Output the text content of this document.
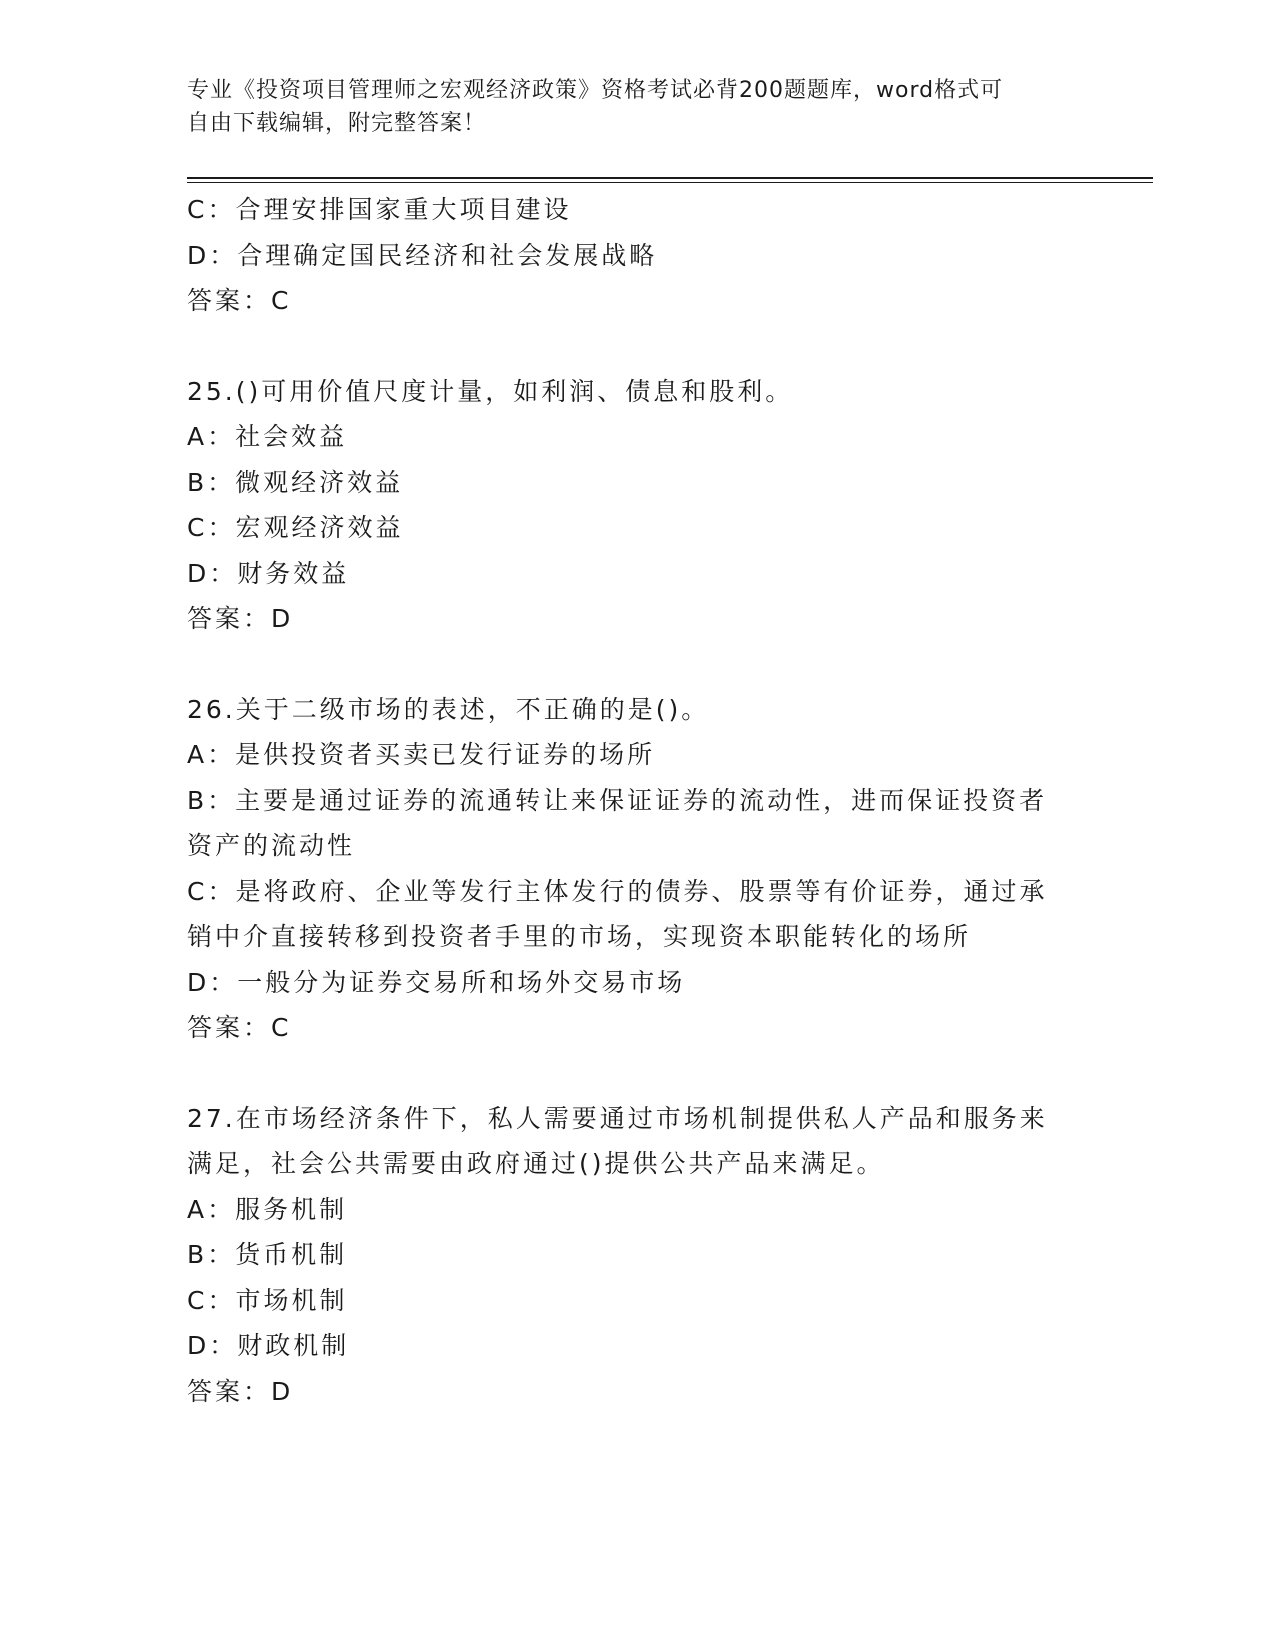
专业《投资项目管理师之宏观经济政策》资格考试必背200题题库，word格式可
自由下载编辑，附完整答案！
C：合理安排国家重大项目建设
D：合理确定国民经济和社会发展战略
答案：C
25.()可用价值尺度计量，如利润、债息和股利。
A：社会效益
B：微观经济效益
C：宏观经济效益
D：财务效益
答案：D
26.关于二级市场的表述，不正确的是()。
A：是供投资者买卖已发行证券的场所
B：主要是通过证券的流通转让来保证证券的流动性，进而保证投资者
资产的流动性
C：是将政府、企业等发行主体发行的债券、股票等有价证券，通过承
销中介直接转移到投资者手里的市场，实现资本职能转化的场所
D：一般分为证券交易所和场外交易市场
答案：C
27.在市场经济条件下，私人需要通过市场机制提供私人产品和服务来
满足，社会公共需要由政府通过()提供公共产品来满足。
A：服务机制
B：货币机制
C：市场机制
D：财政机制
答案：D
